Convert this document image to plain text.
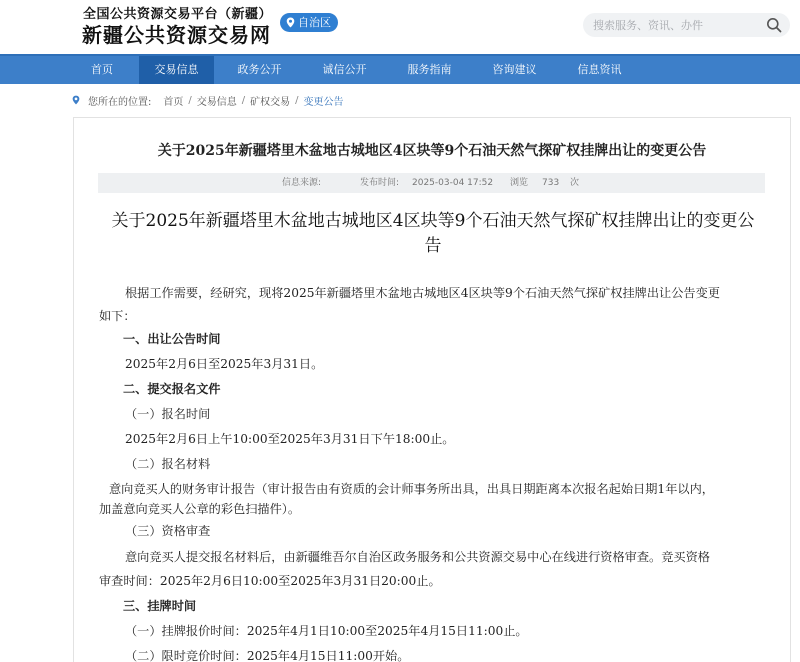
全国公共资源交易平台（新疆）
新疆公共资源交易网
自治区
搜索服务、资讯、办件
首页	交易信息	政务公开	诚信公开	服务指南	咨询建议	信息资讯
您所在的位置: 首页 / 交易信息 / 矿权交易 / 变更公告
关于2025年新疆塔里木盆地古城地区4区块等9个石油天然气探矿权挂牌出让的变更公告
信息来源:	发布时间: 2025-03-04 17:52 浏览 733 次
关于2025年新疆塔里木盆地古城地区4区块等9个石油天然气探矿权挂牌出让的变更公
告
根据工作需要，经研究，现将2025年新疆塔里木盆地古城地区4区块等9个石油天然气探矿权挂牌出让公告变更
如下：
一、出让公告时间
2025年2月6日至2025年3月31日。
二、提交报名文件
（一）报名时间
2025年2月6日上午10:00至2025年3月31日下午18:00止。
（二）报名材料
意向竞买人的财务审计报告（审计报告由有资质的会计师事务所出具，出具日期距离本次报名起始日期1年以内，
加盖意向竞买人公章的彩色扫描件）。
（三）资格审查
意向竞买人提交报名材料后，由新疆维吾尔自治区政务服务和公共资源交易中心在线进行资格审查。竞买资格
审查时间：2025年2月6日10:00至2025年3月31日20:00止。
三、挂牌时间
（一）挂牌报价时间：2025年4月1日10:00至2025年4月15日11:00止。
（二）限时竞价时间：2025年4月15日11:00开始。
